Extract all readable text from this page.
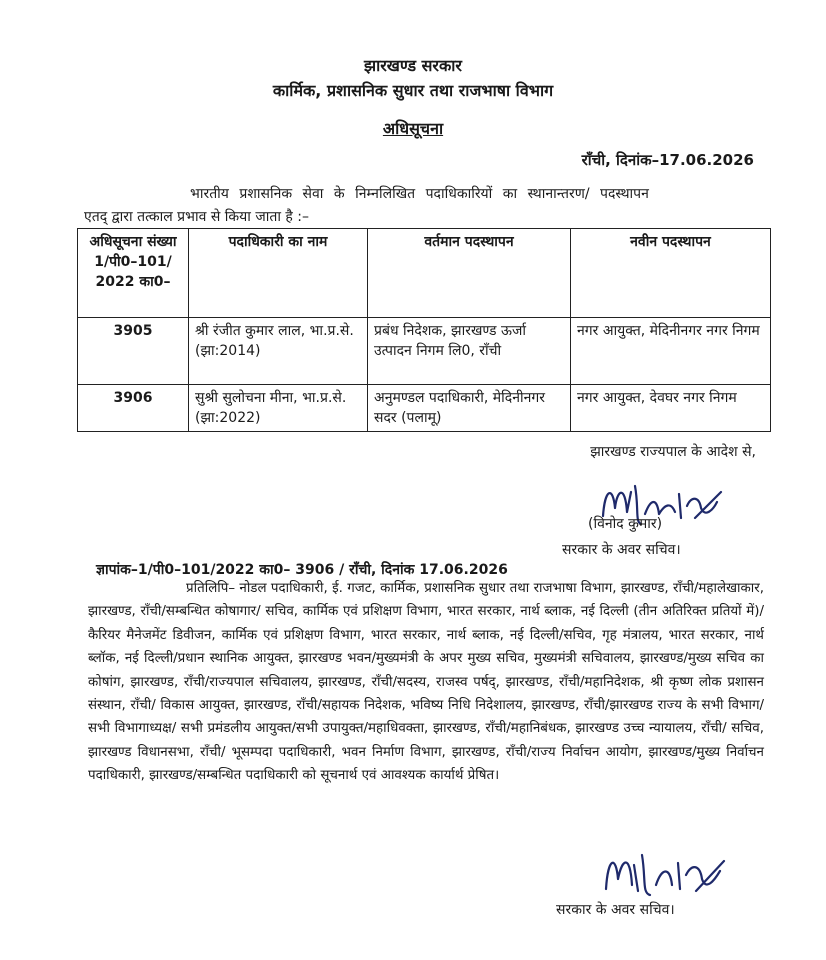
झारखण्ड सरकार
कार्मिक, प्रशासनिक सुधार तथा राजभाषा विभाग
अधिसूचना
राँची, दिनांक–17.06.2026
भारतीय प्रशासनिक सेवा के निम्नलिखित पदाधिकारियों का स्थानान्तरण/ पदस्थापन
एतद् द्वारा तत्काल प्रभाव से किया जाता है :–
अधिसूचना संख्या 1/पी0–101/ 2022 का0–	पदाधिकारी का नाम	वर्तमान पदस्थापन	नवीन पदस्थापन
3905	श्री रंजीत कुमार लाल, भा.प्र.से. (झा:2014)	प्रबंध निदेशक, झारखण्ड ऊर्जा उत्पादन निगम लि0, राँची	नगर आयुक्त, मेदिनीनगर नगर निगम
3906	सुश्री सुलोचना मीना, भा.प्र.से. (झा:2022)	अनुमण्डल पदाधिकारी, मेदिनीनगर सदर (पलामू)	नगर आयुक्त, देवघर नगर निगम
झारखण्ड राज्यपाल के आदेश से,
(विनोद कुमार)
सरकार के अवर सचिव।
ज्ञापांक–1/पी0–101/2022 का0– 3906 / राँची, दिनांक 17.06.2026
प्रतिलिपि– नोडल पदाधिकारी, ई. गजट, कार्मिक, प्रशासनिक सुधार तथा राजभाषा विभाग, झारखण्ड, राँची/महालेखाकार, झारखण्ड, राँची/सम्बन्धित कोषागार/ सचिव, कार्मिक एवं प्रशिक्षण विभाग, भारत सरकार, नार्थ ब्लाक, नई दिल्ली (तीन अतिरिक्त प्रतियों में)/ कैरियर मैनेजमेंट डिवीजन, कार्मिक एवं प्रशिक्षण विभाग, भारत सरकार, नार्थ ब्लाक, नई दिल्ली/सचिव, गृह मंत्रालय, भारत सरकार, नार्थ ब्लॉक, नई दिल्ली/प्रधान स्थानिक आयुक्त, झारखण्ड भवन/मुख्यमंत्री के अपर मुख्य सचिव, मुख्यमंत्री सचिवालय, झारखण्ड/मुख्य सचिव का कोषांग, झारखण्ड, राँची/राज्यपाल सचिवालय, झारखण्ड, राँची/सदस्य, राजस्व पर्षद्, झारखण्ड, राँची/महानिदेशक, श्री कृष्ण लोक प्रशासन संस्थान, राँची/ विकास आयुक्त, झारखण्ड, राँची/सहायक निदेशक, भविष्य निधि निदेशालय, झारखण्ड, राँची/झारखण्ड राज्य के सभी विभाग/सभी विभागाध्यक्ष/ सभी प्रमंडलीय आयुक्त/सभी उपायुक्त/महाधिवक्ता, झारखण्ड, राँची/महानिबंधक, झारखण्ड उच्च न्यायालय, राँची/ सचिव, झारखण्ड विधानसभा, राँची/ भूसम्पदा पदाधिकारी, भवन निर्माण विभाग, झारखण्ड, राँची/राज्य निर्वाचन आयोग, झारखण्ड/मुख्य निर्वाचन पदाधिकारी, झारखण्ड/सम्बन्धित पदाधिकारी को सूचनार्थ एवं आवश्यक कार्यार्थ प्रेषित।
सरकार के अवर सचिव।
